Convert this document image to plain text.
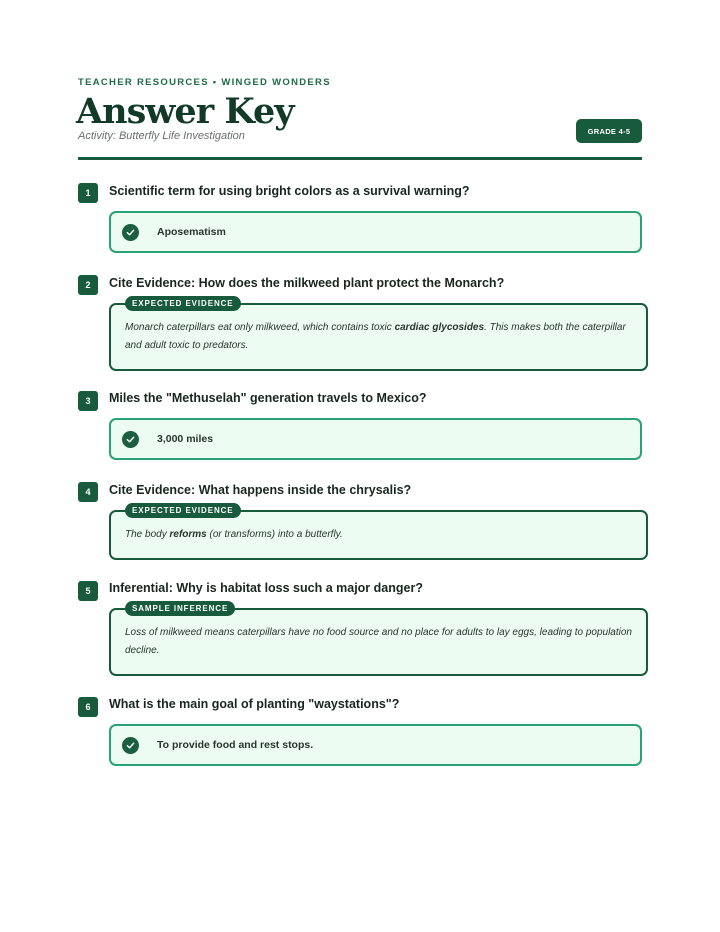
TEACHER RESOURCES • WINGED WONDERS
Answer Key
Activity: Butterfly Life Investigation	GRADE 4-5
1	Scientific term for using bright colors as a survival warning?
Aposematism
2	Cite Evidence: How does the milkweed plant protect the Monarch?
Monarch caterpillars eat only milkweed, which contains toxic cardiac glycosides. This makes both the caterpillar and adult toxic to predators.
EXPECTED EVIDENCE
3	Miles the "Methuselah" generation travels to Mexico?
3,000 miles
4	Cite Evidence: What happens inside the chrysalis?
The body reforms (or transforms) into a butterfly.
EXPECTED EVIDENCE
5	Inferential: Why is habitat loss such a major danger?
Loss of milkweed means caterpillars have no food source and no place for adults to lay eggs, leading to population decline.
SAMPLE INFERENCE
6	What is the main goal of planting "waystations"?
To provide food and rest stops.
